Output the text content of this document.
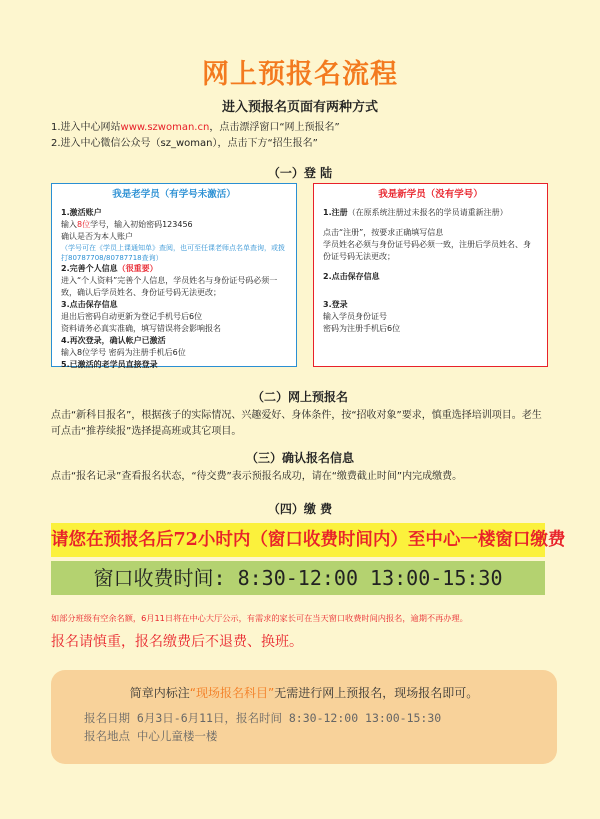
网上预报名流程
进入预报名页面有两种方式
1.进入中心网站www.szwoman.cn，点击漂浮窗口“网上预报名”
2.进入中心微信公众号（sz_woman），点击下方“招生报名”
（一）登 陆
我是老学员（有学号未激活）
1.激活账户
输入8位学号，输入初始密码123456
确认是否为本人账户
（学号可在《学员上课通知单》查阅，也可至任课老师点名单查询，或拨打80787708/80787718查询）
2.完善个人信息（很重要）
进入“个人资料”完善个人信息，学员姓名与身份证号码必须一致，确认后学员姓名、身份证号码无法更改；
3.点击保存信息
退出后密码自动更新为登记手机号后6位
资料请务必真实准确，填写错误将会影响报名
4.再次登录，确认帐户已激活
输入8位学号 密码为注册手机后6位
5.已激活的老学员直接登录
我是新学员（没有学号）
1.注册（在原系统注册过未报名的学员请重新注册）
点击“注册”，按要求正确填写信息
学员姓名必须与身份证号码必须一致，注册后学员姓名、身份证号码无法更改；
2.点击保存信息
3.登录
输入学员身份证号
密码为注册手机后6位
（二）网上预报名
点击“新科目报名”，根据孩子的实际情况、兴趣爱好、身体条件，按“招收对象”要求，慎重选择培训项目。老生可点击“推荐续报”选择提高班或其它项目。
（三）确认报名信息
点击“报名记录”查看报名状态，“待交费”表示预报名成功，请在“缴费截止时间”内完成缴费。
（四）缴 费
请您在预报名后72小时内（窗口收费时间内）至中心一楼窗口缴费
窗口收费时间: 8:30-12:00 13:00-15:30
如部分班级有空余名额，6月11日将在中心大厅公示，有需求的家长可在当天窗口收费时间内报名，逾期不再办理。
报名请慎重，报名缴费后不退费、换班。
简章内标注“现场报名科目”无需进行网上预报名，现场报名即可。
报名日期 6月3日-6月11日，报名时间 8:30-12:00 13:00-15:30
报名地点 中心儿童楼一楼
